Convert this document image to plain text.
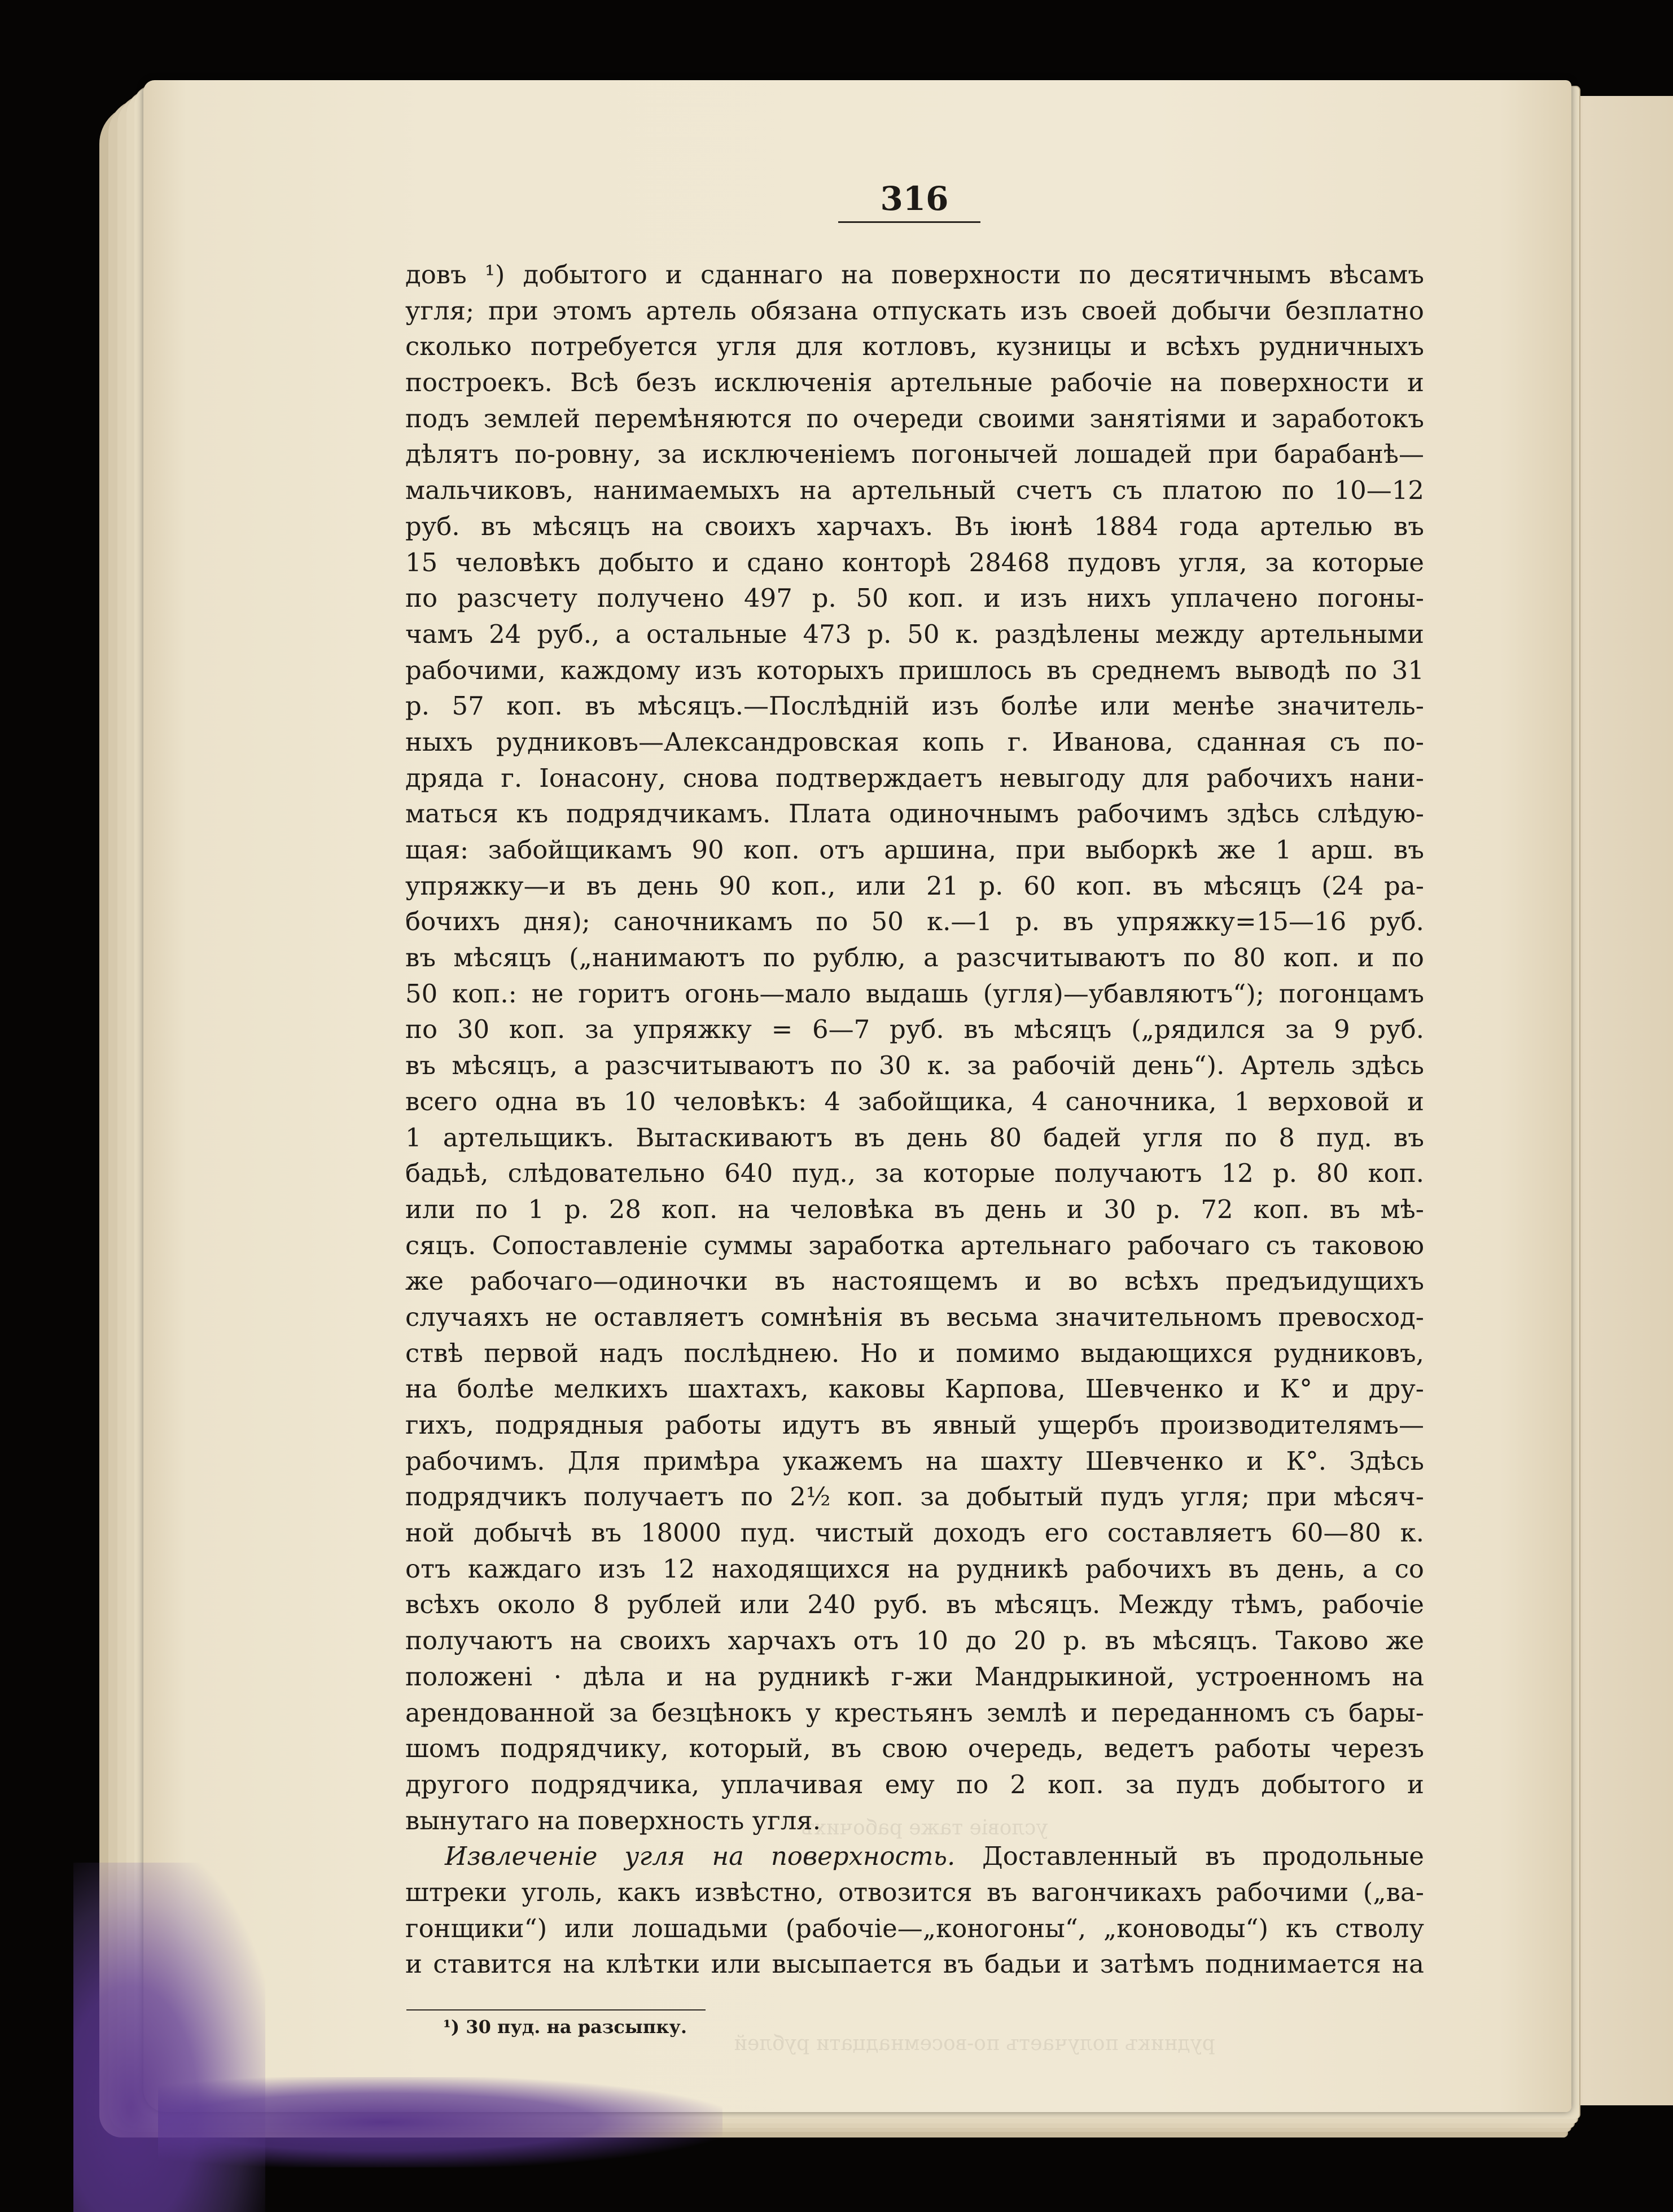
условіе таже рабочихъ
рудникъ получаетъ по-восемнадцати рублей
316
довъ ¹) добытого и сданнаго на поверхности по десятичнымъ вѣсамъ
угля; при этомъ артель обязана отпускать изъ своей добычи безплатно
сколько потребуется угля для котловъ, кузницы и всѣхъ рудничныхъ
построекъ. Всѣ безъ исключенія артельные рабочіе на поверхности и
подъ землей перемѣняются по очереди своими занятіями и заработокъ
дѣлятъ по-ровну, за исключеніемъ погонычей лошадей при барабанѣ—
мальчиковъ, нанимаемыхъ на артельный счетъ съ платою по 10—12
руб. въ мѣсяцъ на своихъ харчахъ. Въ іюнѣ 1884 года артелью въ
15 человѣкъ добыто и сдано конторѣ 28468 пудовъ угля, за которые
по разсчету получено 497 р. 50 коп. и изъ нихъ уплачено погоны-
чамъ 24 руб., а остальные 473 р. 50 к. раздѣлены между артельными
рабочими, каждому изъ которыхъ пришлось въ среднемъ выводѣ по 31
р. 57 коп. въ мѣсяцъ.—Послѣдній изъ болѣе или менѣе значитель-
ныхъ рудниковъ—Александровская копь г. Иванова, сданная съ по-
дряда г. Іонасону, снова подтверждаетъ невыгоду для рабочихъ нани-
маться къ подрядчикамъ. Плата одиночнымъ рабочимъ здѣсь слѣдую-
щая: забойщикамъ 90 коп. отъ аршина, при выборкѣ же 1 арш. въ
упряжку—и въ день 90 коп., или 21 р. 60 коп. въ мѣсяцъ (24 ра-
бочихъ дня); саночникамъ по 50 к.—1 р. въ упряжку=15—16 руб.
въ мѣсяцъ („нанимаютъ по рублю, а разсчитываютъ по 80 коп. и по
50 коп.: не горитъ огонь—мало выдашь (угля)—убавляютъ“); погонцамъ
по 30 коп. за упряжку = 6—7 руб. въ мѣсяцъ („рядился за 9 руб.
въ мѣсяцъ, а разсчитываютъ по 30 к. за рабочій день“). Артель здѣсь
всего одна въ 10 человѣкъ: 4 забойщика, 4 саночника, 1 верховой и
1 артельщикъ. Вытаскиваютъ въ день 80 бадей угля по 8 пуд. въ
бадьѣ, слѣдовательно 640 пуд., за которые получаютъ 12 р. 80 коп.
или по 1 р. 28 коп. на человѣка въ день и 30 р. 72 коп. въ мѣ-
сяцъ. Сопоставленіе суммы заработка артельнаго рабочаго съ таковою
же рабочаго—одиночки въ настоящемъ и во всѣхъ предъидущихъ
случаяхъ не оставляетъ сомнѣнія въ весьма значительномъ превосход-
ствѣ первой надъ послѣднею. Но и помимо выдающихся рудниковъ,
на болѣе мелкихъ шахтахъ, каковы Карпова, Шевченко и К° и дру-
гихъ, подрядныя работы идутъ въ явный ущербъ производителямъ—
рабочимъ. Для примѣра укажемъ на шахту Шевченко и К°. Здѣсь
подрядчикъ получаетъ по 2½ коп. за добытый пудъ угля; при мѣсяч-
ной добычѣ въ 18000 пуд. чистый доходъ его составляетъ 60—80 к.
отъ каждаго изъ 12 находящихся на рудникѣ рабочихъ въ день, а со
всѣхъ около 8 рублей или 240 руб. въ мѣсяцъ. Между тѣмъ, рабочіе
получаютъ на своихъ харчахъ отъ 10 до 20 р. въ мѣсяцъ. Таково же
положені · дѣла и на рудникѣ г-жи Мандрыкиной, устроенномъ на
арендованной за безцѣнокъ у крестьянъ землѣ и переданномъ съ бары-
шомъ подрядчику, который, въ свою очередь, ведетъ работы черезъ
другого подрядчика, уплачивая ему по 2 коп. за пудъ добытого и
вынутаго на поверхность угля.
Извлеченіе угля на поверхность. Доставленный въ продольные
штреки уголь, какъ извѣстно, отвозится въ вагончикахъ рабочими („ва-
гонщики“) или лошадьми (рабочіе—„коногоны“, „коноводы“) къ стволу
и ставится на клѣтки или высыпается въ бадьи и затѣмъ поднимается на
¹) 30 пуд. на разсыпку.
